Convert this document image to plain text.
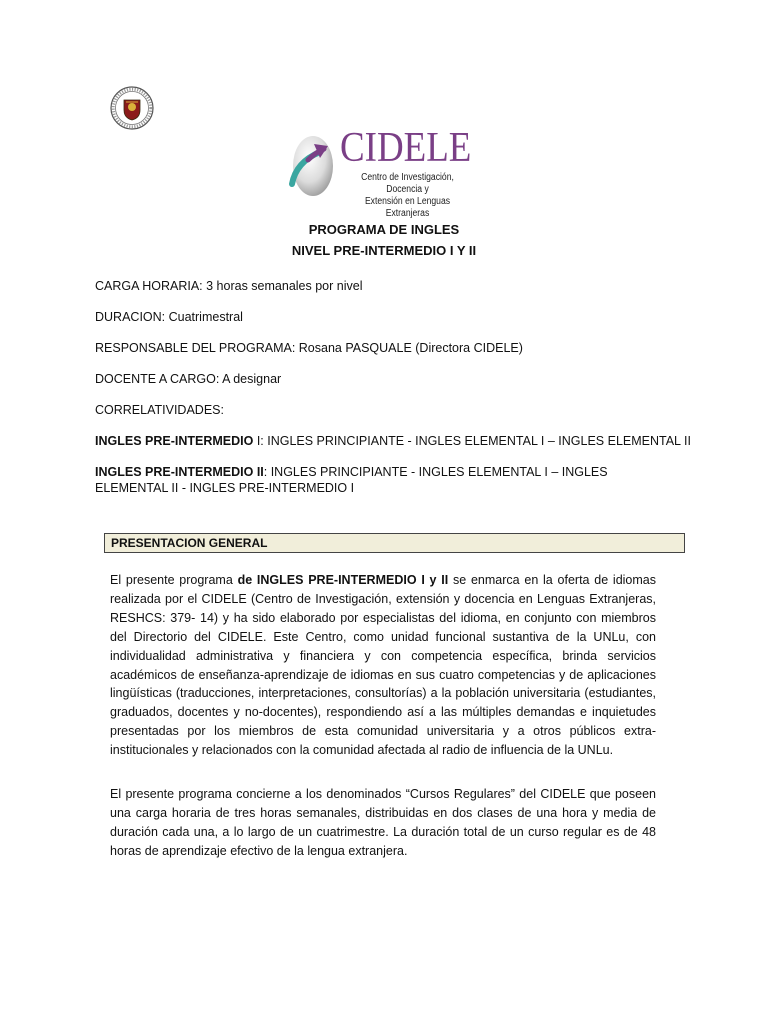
CIDELE
Centro de Investigación, Docencia y
Extensión en Lenguas Extranjeras
PROGRAMA DE INGLES
NIVEL PRE-INTERMEDIO I Y II
CARGA HORARIA: 3 horas semanales por nivel
DURACION: Cuatrimestral
RESPONSABLE DEL PROGRAMA: Rosana PASQUALE (Directora CIDELE)
DOCENTE A CARGO: A designar
CORRELATIVIDADES:
INGLES PRE-INTERMEDIO I: INGLES PRINCIPIANTE - INGLES ELEMENTAL I – INGLES ELEMENTAL II
INGLES PRE-INTERMEDIO II: INGLES PRINCIPIANTE - INGLES ELEMENTAL I – INGLES ELEMENTAL II - INGLES PRE-INTERMEDIO I
PRESENTACION GENERAL
El presente programa de INGLES PRE-INTERMEDIO I y II se enmarca en la oferta de idiomas realizada por el CIDELE (Centro de Investigación, extensión y docencia en Lenguas Extranjeras, RESHCS: 379- 14) y ha sido elaborado por especialistas del idioma, en conjunto con miembros del Directorio del CIDELE. Este Centro, como unidad funcional sustantiva de la UNLu, con individualidad administrativa y financiera y con competencia específica, brinda servicios académicos de enseñanza-aprendizaje de idiomas en sus cuatro competencias y de aplicaciones lingüísticas (traducciones, interpretaciones, consultorías) a la población universitaria (estudiantes, graduados, docentes y no-docentes), respondiendo así a las múltiples demandas e inquietudes presentadas por los miembros de esta comunidad universitaria y a otros públicos extra-institucionales y relacionados con la comunidad afectada al radio de influencia de la UNLu.
El presente programa concierne a los denominados “Cursos Regulares” del CIDELE que poseen una carga horaria de tres horas semanales, distribuidas en dos clases de una hora y media de duración cada una, a lo largo de un cuatrimestre. La duración total de un curso regular es de 48 horas de aprendizaje efectivo de la lengua extranjera.
